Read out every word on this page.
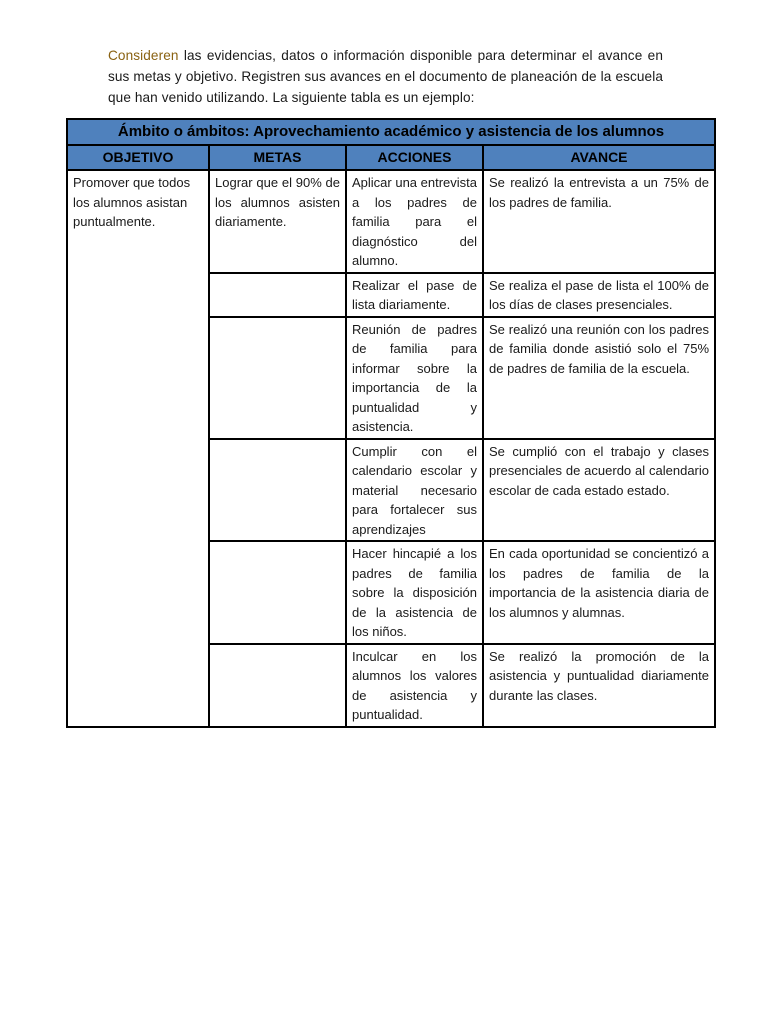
Consideren las evidencias, datos o información disponible para determinar el avance en sus metas y objetivo. Registren sus avances en el documento de planeación de la escuela que han venido utilizando. La siguiente tabla es un ejemplo:

Ámbito o ámbitos: Aprovechamiento académico y asistencia de los alumnos			
OBJETIVO	METAS	ACCIONES	AVANCE
Promover que todos los alumnos asistan puntualmente.	Lograr que el 90% de los alumnos asisten diariamente.	Aplicar una entrevista a los padres de familia para el diagnóstico del alumno.	Se realizó la entrevista a un 75% de los padres de familia.
		Realizar el pase de lista diariamente.	Se realiza el pase de lista el 100% de los días de clases presenciales.
		Reunión de padres de familia para informar sobre la importancia de la puntualidad y asistencia.	Se realizó una reunión con los padres de familia donde asistió solo el 75% de padres de familia de la escuela.
		Cumplir con el calendario escolar y material necesario para fortalecer sus aprendizajes	Se cumplió con el trabajo y clases presenciales de acuerdo al calendario escolar de cada estado estado.
		Hacer hincapié a los padres de familia sobre la disposición de la asistencia de los niños.	En cada oportunidad se concientizó a los padres de familia de la importancia de la asistencia diaria de los alumnos y alumnas.
		Inculcar en los alumnos los valores de asistencia y puntualidad.	Se realizó la promoción de la asistencia y puntualidad diariamente durante las clases.
